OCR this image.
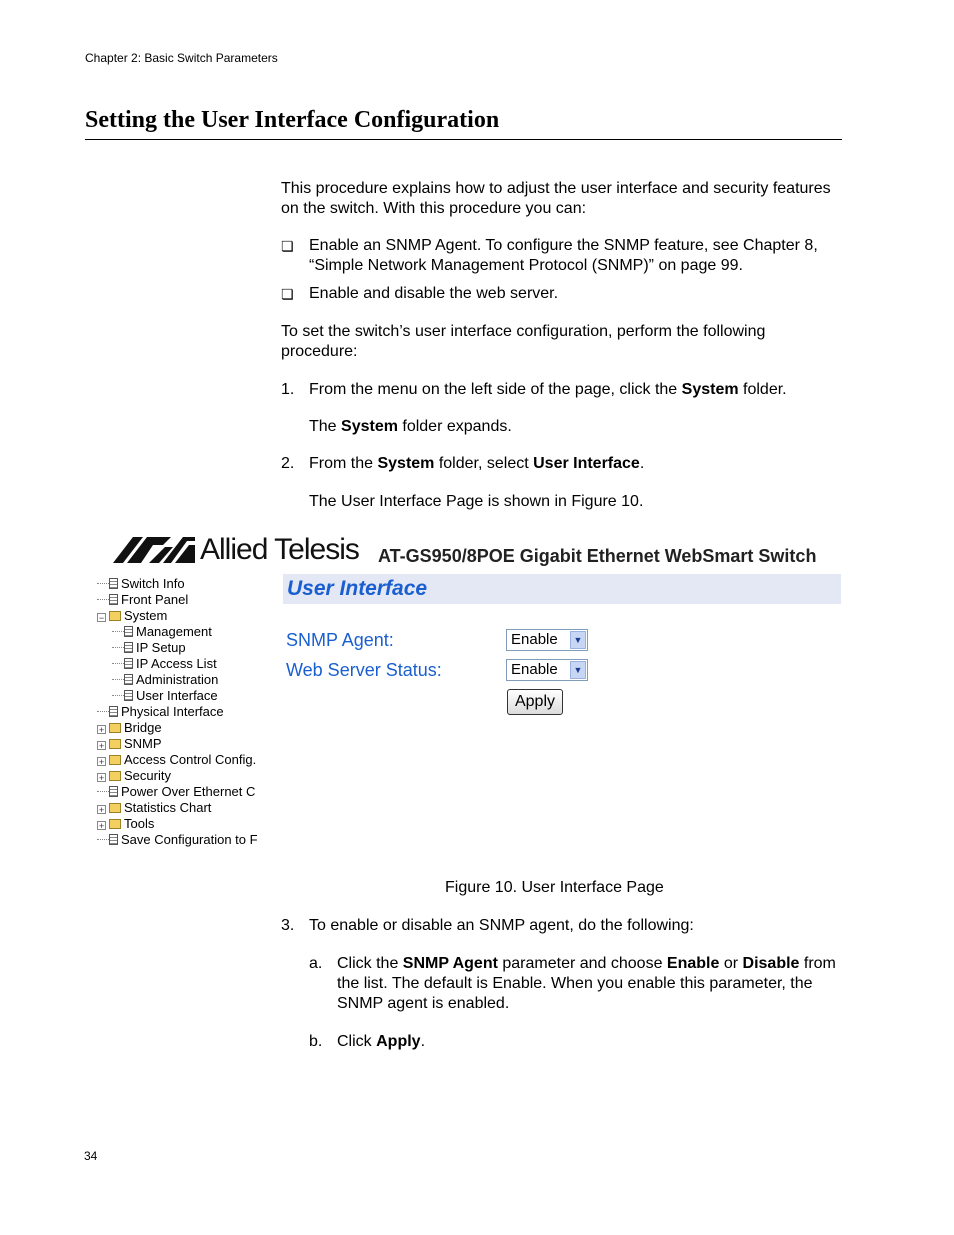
Chapter 2: Basic Switch Parameters
Setting the User Interface Configuration
This procedure explains how to adjust the user interface and security features on the switch. With this procedure you can:
❏ Enable an SNMP Agent. To configure the SNMP feature, see Chapter 8, “Simple Network Management Protocol (SNMP)” on page 99.
❏ Enable and disable the web server.
To set the switch’s user interface configuration, perform the following procedure:
1. From the menu on the left side of the page, click the System folder.
The System folder expands.
2. From the System folder, select User Interface.
The User Interface Page is shown in Figure 10.
Allied Telesis AT-GS950/8POE Gigabit Ethernet WebSmart Switch
Switch Info
Front Panel
− System
Management
IP Setup
IP Access List
Administration
User Interface
Physical Interface
+ Bridge
+ SNMP
+ Access Control Config.
+ Security
Power Over Ethernet C
+ Statistics Chart
+ Tools
Save Configuration to F
User Interface
SNMP Agent:	Enable	▼
Web Server Status:	Enable	▼
Apply
Figure 10. User Interface Page
3. To enable or disable an SNMP agent, do the following:
a. Click the SNMP Agent parameter and choose Enable or Disable from the list. The default is Enable. When you enable this parameter, the SNMP agent is enabled.
b. Click Apply.
34
